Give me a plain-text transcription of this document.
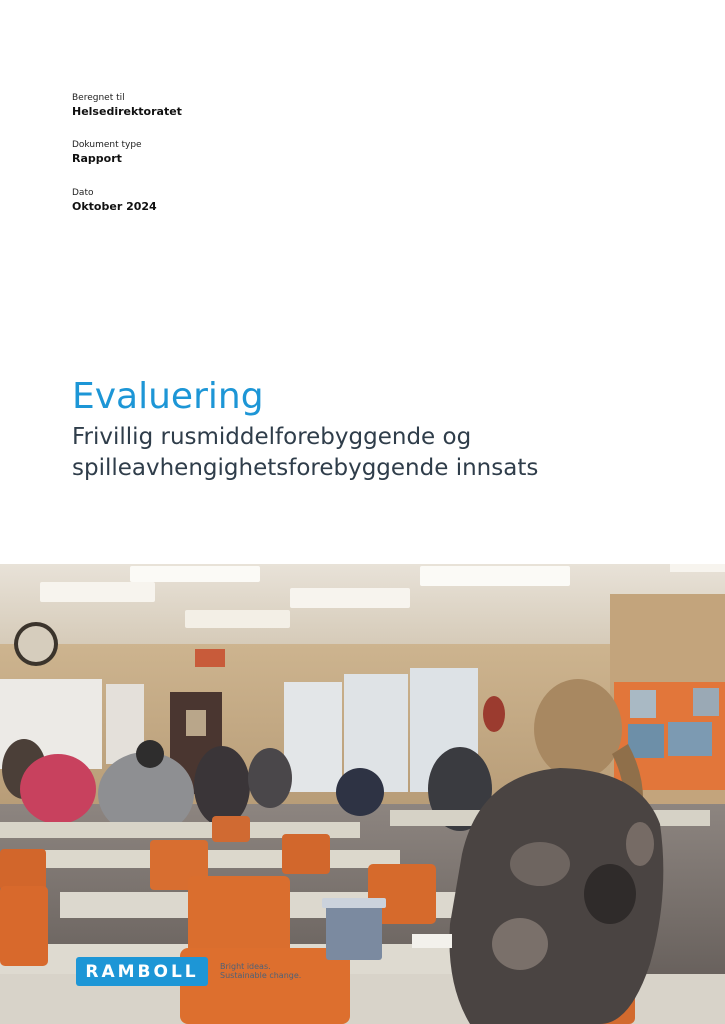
Beregnet til
Helsedirektoratet
Dokument type
Rapport
Dato
Oktober 2024
Evaluering
Frivillig rusmiddelforebyggende og spilleavhengighetsforebyggende innsats
RAMBOLL	Bright ideas.
Sustainable change.
